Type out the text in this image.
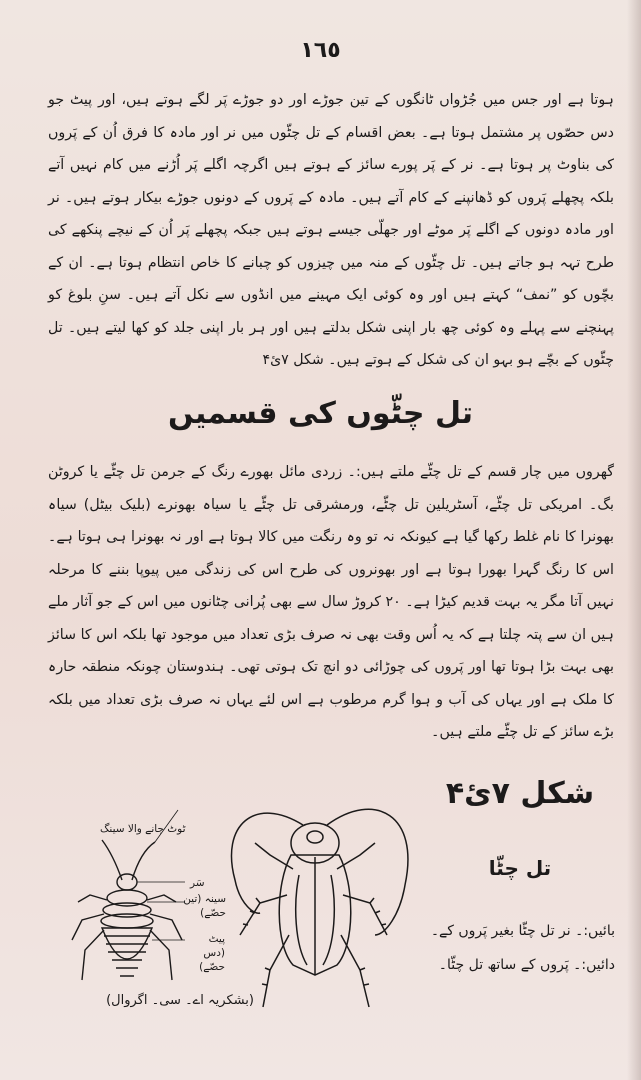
١٦٥
ہوتا ہے اور جس میں جُڑواں ٹانگوں کے تین جوڑے اور دو جوڑے پَر لگے ہوتے ہیں، اور پیٹ جو دس حصّوں پر مشتمل ہوتا ہے۔ بعض اقسام کے تل چٹّوں میں نر اور مادہ کا فرق اُن کے پَروں کی بناوٹ پر ہوتا ہے۔ نر کے پَر پورے سائز کے ہوتے ہیں اگرچہ اگلے پَر اُڑنے میں کام نہیں آتے بلکہ پچھلے پَروں کو ڈھانپنے کے کام آتے ہیں۔ مادہ کے پَروں کے دونوں جوڑے بیکار ہوتے ہیں۔ نر اور مادہ دونوں کے اگلے پَر موٹے اور جھلّی جیسے ہوتے ہیں جبکہ پچھلے پَر اُن کے نیچے پنکھے کی طرح تہہ ہو جاتے ہیں۔ تل چٹّوں کے منہ میں چیزوں کو چبانے کا خاص انتظام ہوتا ہے۔ ان کے بچّوں کو ”نمف“ کہتے ہیں اور وہ کوئی ایک مہینے میں انڈوں سے نکل آتے ہیں۔ سنِ بلوغ کو پہنچنے سے پہلے وہ کوئی چھ بار اپنی شکل بدلتے ہیں اور ہر بار اپنی جلد کو کھا لیتے ہیں۔ تل چٹّوں کے بچّے ہو بہو ان کی شکل کے ہوتے ہیں۔ شکل ۷ئ۴
تل چٹّوں کی قسمیں
گھروں میں چار قسم کے تل چٹّے ملتے ہیں:۔ زردی مائل بھورے رنگ کے جرمن تل چٹّے یا کروٹن بگ۔ امریکی تل چٹّے، آسٹریلین تل چٹّے، ورمشرقی تل چٹّے یا سیاہ بھونرے (بلیک بیٹل) سیاہ بھونرا کا نام غلط رکھا گیا ہے کیونکہ نہ تو وہ رنگت میں کالا ہوتا ہے اور نہ بھونرا ہی ہوتا ہے۔ اس کا رنگ گہرا بھورا ہوتا ہے اور بھونروں کی طرح اس کی زندگی میں پیوپا بننے کا مرحلہ نہیں آتا مگر یہ بہت قدیم کیڑا ہے۔ ۲۰ کروڑ سال سے بھی پُرانی چٹانوں میں اس کے جو آثار ملے ہیں ان سے پتہ چلتا ہے کہ یہ اُس وقت بھی نہ صرف بڑی تعداد میں موجود تھا بلکہ اس کا سائز بھی بہت بڑا ہوتا تھا اور پَروں کی چوڑائی دو انچ تک ہوتی تھی۔ ہندوستان چونکہ منطقہ حارہ کا ملک ہے اور یہاں کی آب و ہوا گرم مرطوب ہے اس لئے یہاں نہ صرف بڑی تعداد میں بلکہ بڑے سائز کے تل چٹّے ملتے ہیں۔
شکل ۷ئ۴
تل چٹّا
بائیں:۔ نر تل چٹّا بغیر پَروں کے۔
دائیں:۔ پَروں کے ساتھ تل چٹّا۔
ٹوٹ جانے والا سینگ
سَر
سینہ (تین حصّے)
پیٹ (دس حصّے)
(بشکریہ اے۔ سی۔ اگروال)
